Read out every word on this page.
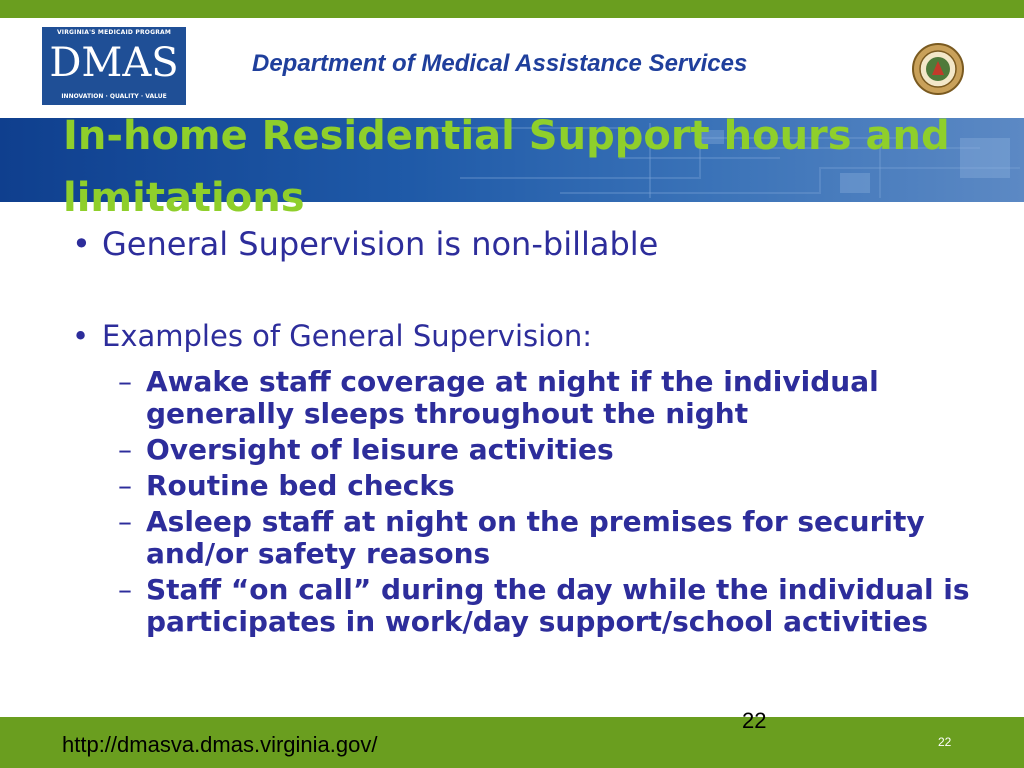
VIRGINIA'S MEDICAID PROGRAM
DMAS
INNOVATION · QUALITY · VALUE
Department of Medical Assistance Services
In-home Residential Support hours and limitations
• General Supervision is non-billable
• Examples of General Supervision:
– Awake staff coverage at night if the individual generally sleeps throughout the night
– Oversight of leisure activities
– Routine bed checks
– Asleep staff at night on the premises for security and/or safety reasons
– Staff “on call” during the day while the individual is participates in work/day support/school activities
http://dmasva.dmas.virginia.gov/
22
22
